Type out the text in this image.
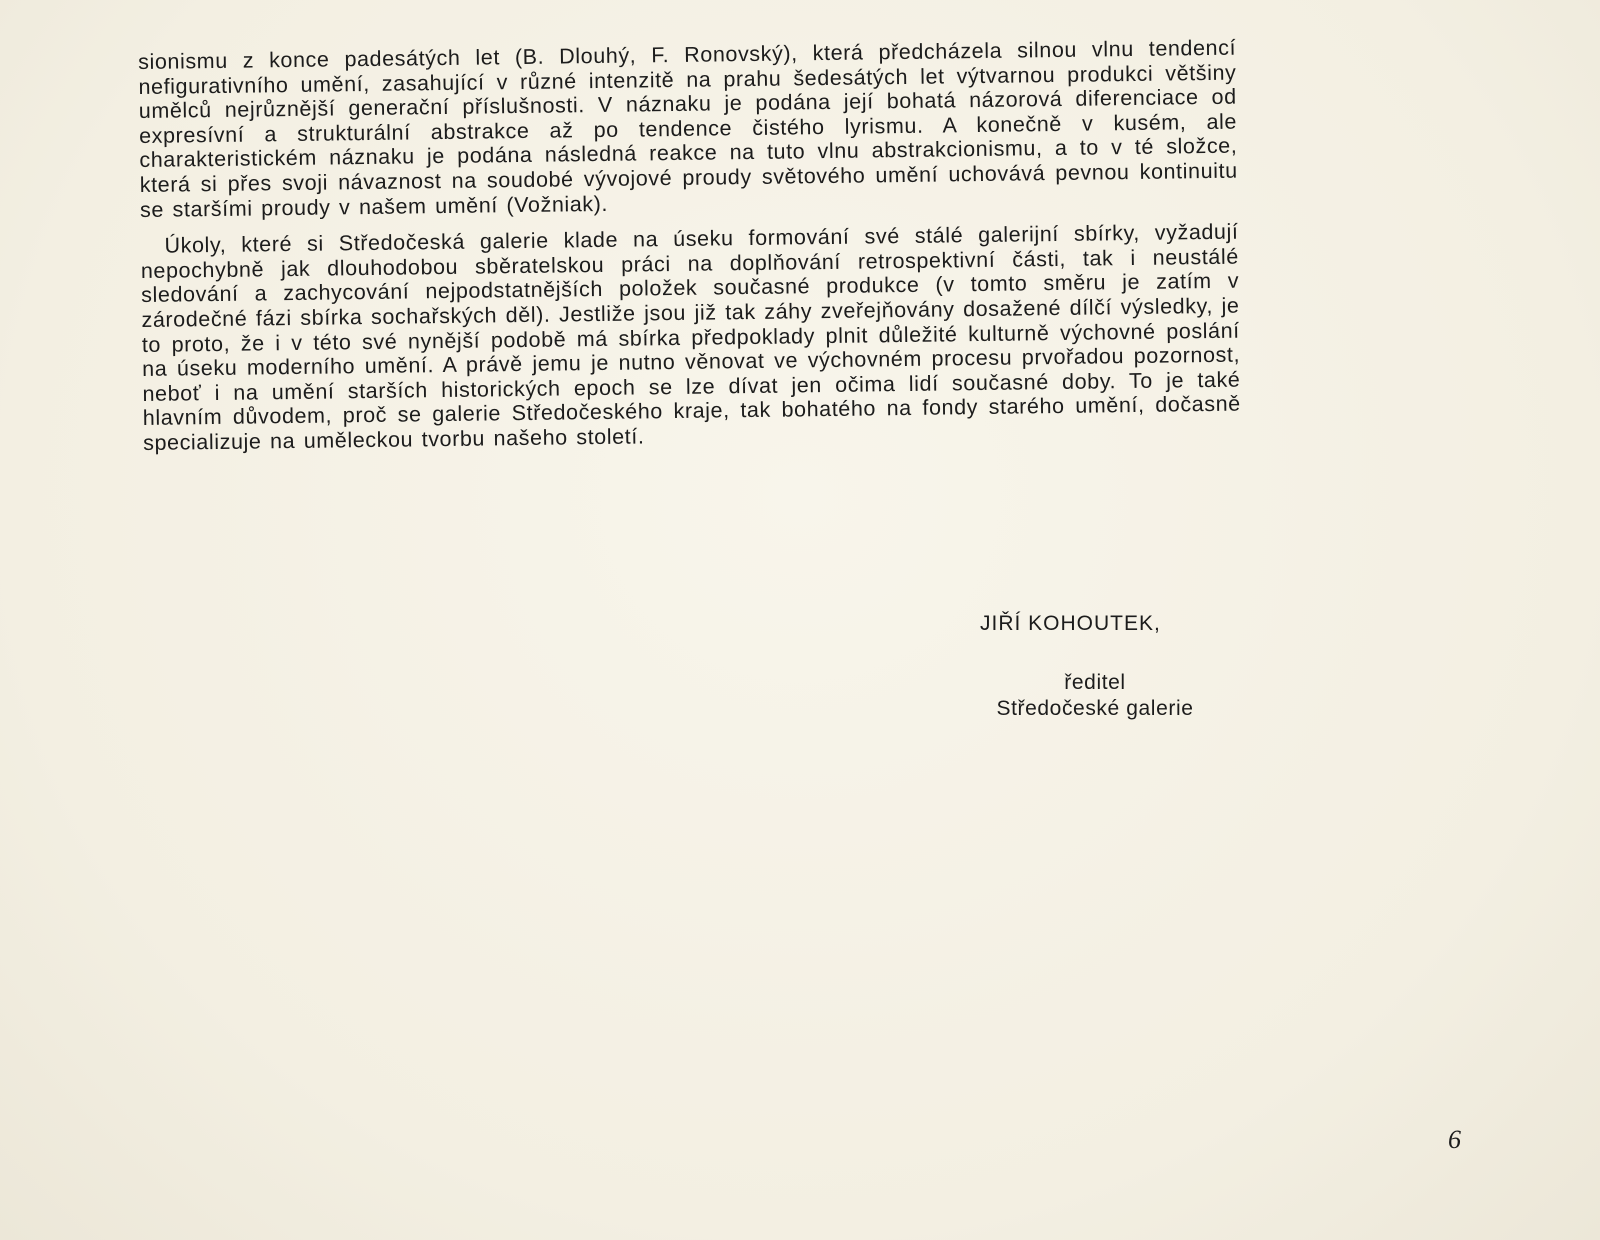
sionismu z konce padesátých let (B. Dlouhý, F. Ronovský), která předcházela silnou vlnu tendencí nefigurativního umění, zasahující v různé intenzitě na prahu šedesátých let výtvarnou produkci většiny umělců nejrůznější generační příslušnosti. V náznaku je podána její bohatá názorová diferenciace od expresívní a strukturální abstrakce až po tendence čistého lyrismu. A konečně v kusém, ale charakteristickém náznaku je podána následná reakce na tuto vlnu abstrakcionismu, a to v té složce, která si přes svoji návaznost na soudobé vývojové proudy světového umění uchovává pevnou kontinuitu se staršími proudy v našem umění (Vožniak).

Úkoly, které si Středočeská galerie klade na úseku formování své stálé galerijní sbírky, vyžadují nepochybně jak dlouhodobou sběratelskou práci na doplňování retrospektivní části, tak i neustálé sledování a zachycování nejpodstatnějších položek současné produkce (v tomto směru je zatím v zárodečné fázi sbírka sochařských děl). Jestliže jsou již tak záhy zveřejňovány dosažené dílčí výsledky, je to proto, že i v této své nynější podobě má sbírka předpoklady plnit důležité kulturně výchovné poslání na úseku moderního umění. A právě jemu je nutno věnovat ve výchovném procesu prvořadou pozornost, neboť i na umění starších historických epoch se lze dívat jen očima lidí současné doby. To je také hlavním důvodem, proč se galerie Středočeského kraje, tak bohatého na fondy starého umění, dočasně specializuje na uměleckou tvorbu našeho století.

JIŘÍ KOHOUTEK,
ředitel
Středočeské galerie
6
